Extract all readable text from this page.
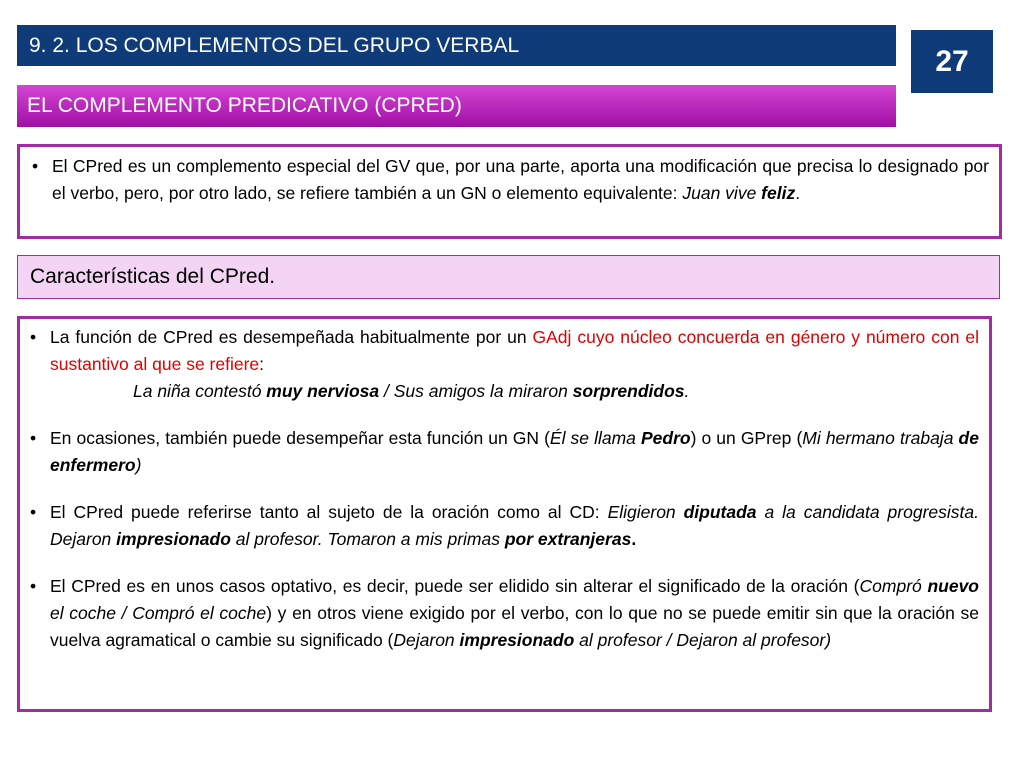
9. 2. LOS COMPLEMENTOS DEL GRUPO VERBAL	27
EL COMPLEMENTO PREDICATIVO (CPRED)
• El CPred es un complemento especial del GV que, por una parte, aporta una modificación que precisa lo designado por el verbo, pero, por otro lado, se refiere también a un GN o elemento equivalente: Juan vive feliz.
Características del CPred.
• La función de CPred es desempeñada habitualmente por un GAdj cuyo núcleo concuerda en género y número con el sustantivo al que se refiere:
La niña contestó muy nerviosa / Sus amigos la miraron sorprendidos.
• En ocasiones, también puede desempeñar esta función un GN (Él se llama Pedro) o un GPrep (Mi hermano trabaja de enfermero)
• El CPred puede referirse tanto al sujeto de la oración como al CD: Eligieron diputada a la candidata progresista. Dejaron impresionado al profesor. Tomaron a mis primas por extranjeras.
• El CPred es en unos casos optativo, es decir, puede ser elidido sin alterar el significado de la oración (Compró nuevo el coche / Compró el coche) y en otros viene exigido por el verbo, con lo que no se puede emitir sin que la oración se vuelva agramatical o cambie su significado (Dejaron impresionado al profesor / Dejaron al profesor)
